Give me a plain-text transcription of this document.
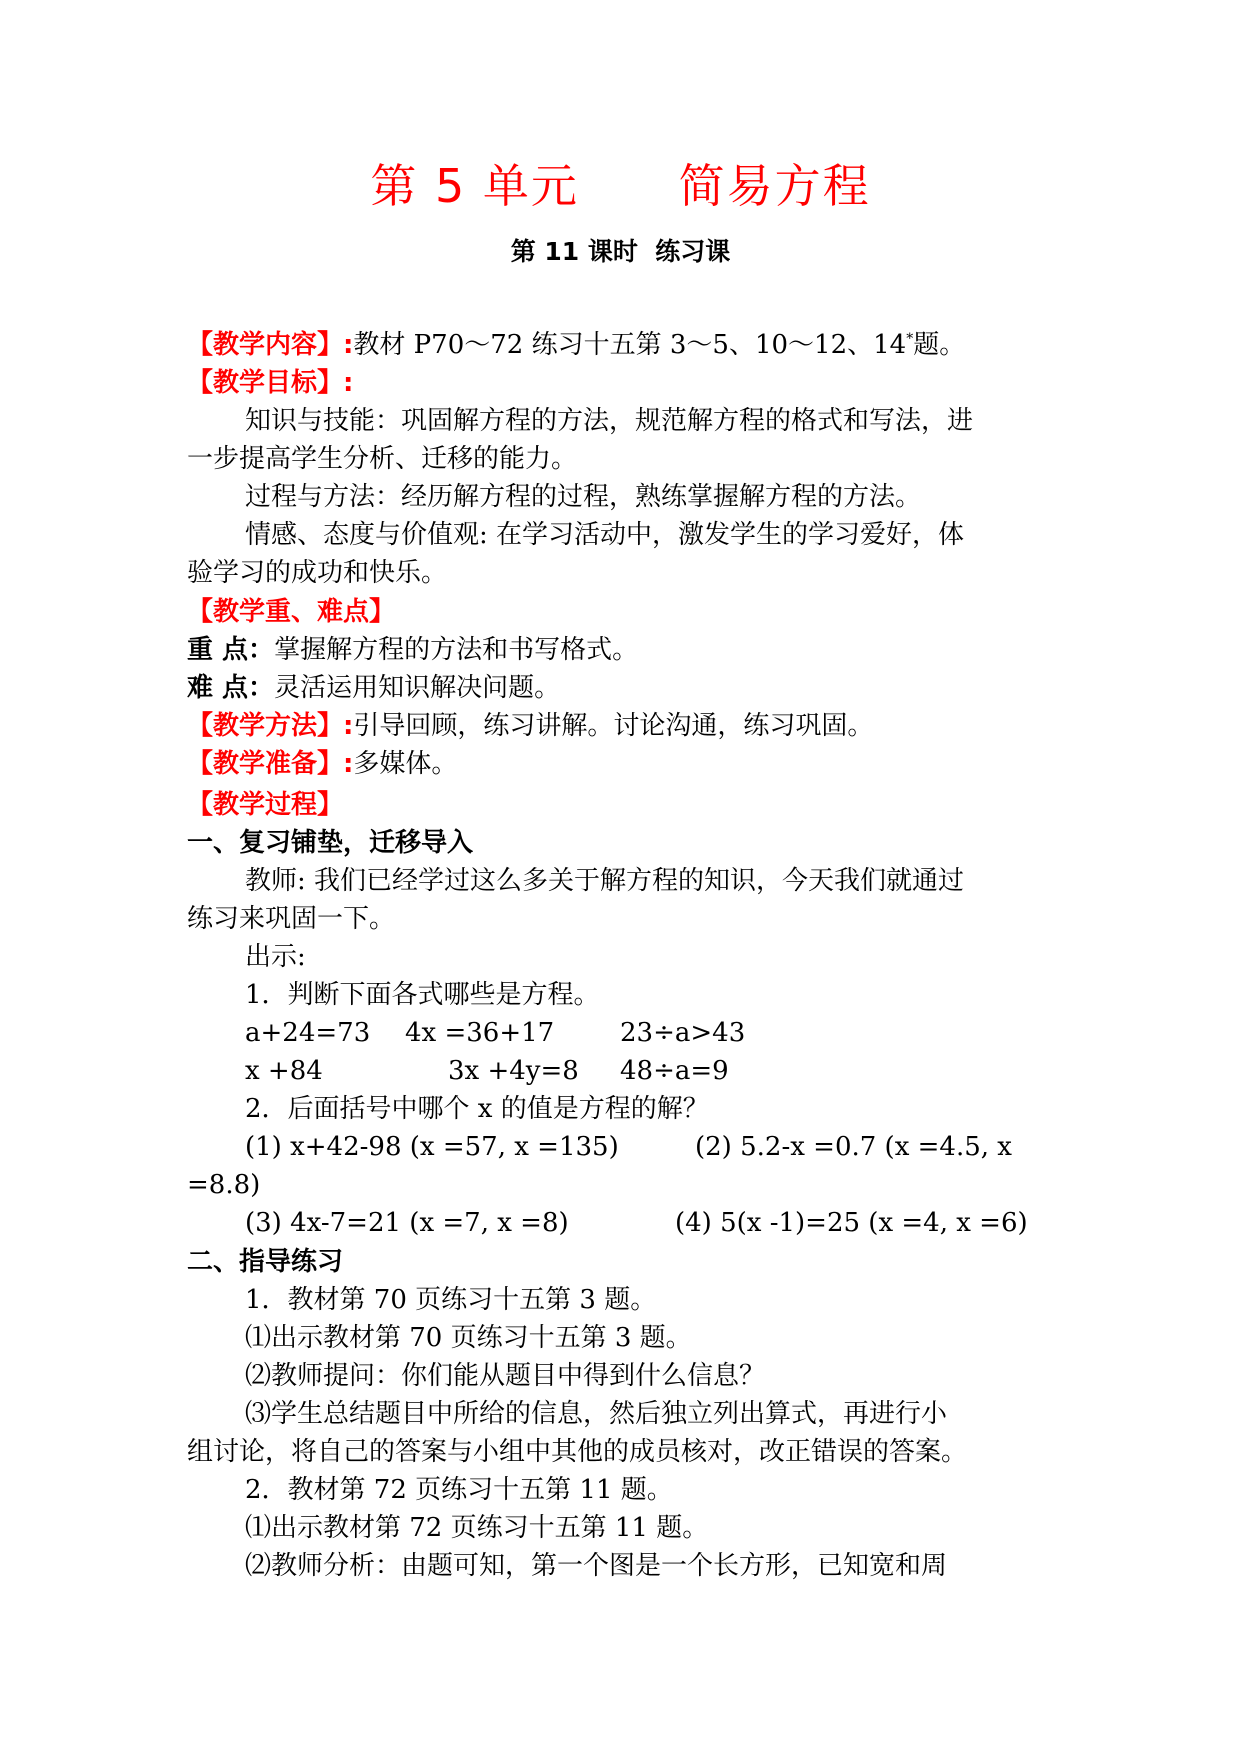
第 5 单元      简易方程
第 11 课时  练习课
【教学内容】:教材 P70～72 练习十五第 3～5、10～12、14*题。
【教学目标】:
知识与技能：巩固解方程的方法，规范解方程的格式和写法，进
一步提高学生分析、迁移的能力。
过程与方法：经历解方程的过程，熟练掌握解方程的方法。
情感、态度与价值观: 在学习活动中，激发学生的学习爱好，体
验学习的成功和快乐。
【教学重、难点】
重 点：掌握解方程的方法和书写格式。
难 点：灵活运用知识解决问题。
【教学方法】:引导回顾，练习讲解。讨论沟通，练习巩固。
【教学准备】:多媒体。
【教学过程】
一、复习铺垫，迁移导入
教师: 我们已经学过这么多关于解方程的知识，今天我们就通过
练习来巩固一下。
出示:
1．判断下面各式哪些是方程。
a+24=73 4x =36+17	23÷a>43
x +84	3x +4y=8 48÷a=9
2．后面括号中哪个 x 的值是方程的解？
(1) x+42-98 (x =57, x =135)	(2) 5.2-x =0.7 (x =4.5, x
=8.8)
(3) 4x-7=21 (x =7, x =8)	(4) 5(x -1)=25 (x =4, x =6)
二、指导练习
1．教材第 70 页练习十五第 3 题。
⑴出示教材第 70 页练习十五第 3 题。
⑵教师提问：你们能从题目中得到什么信息？
⑶学生总结题目中所给的信息，然后独立列出算式，再进行小
组讨论，将自己的答案与小组中其他的成员核对，改正错误的答案。
2．教材第 72 页练习十五第 11 题。
⑴出示教材第 72 页练习十五第 11 题。
⑵教师分析：由题可知，第一个图是一个长方形，已知宽和周
